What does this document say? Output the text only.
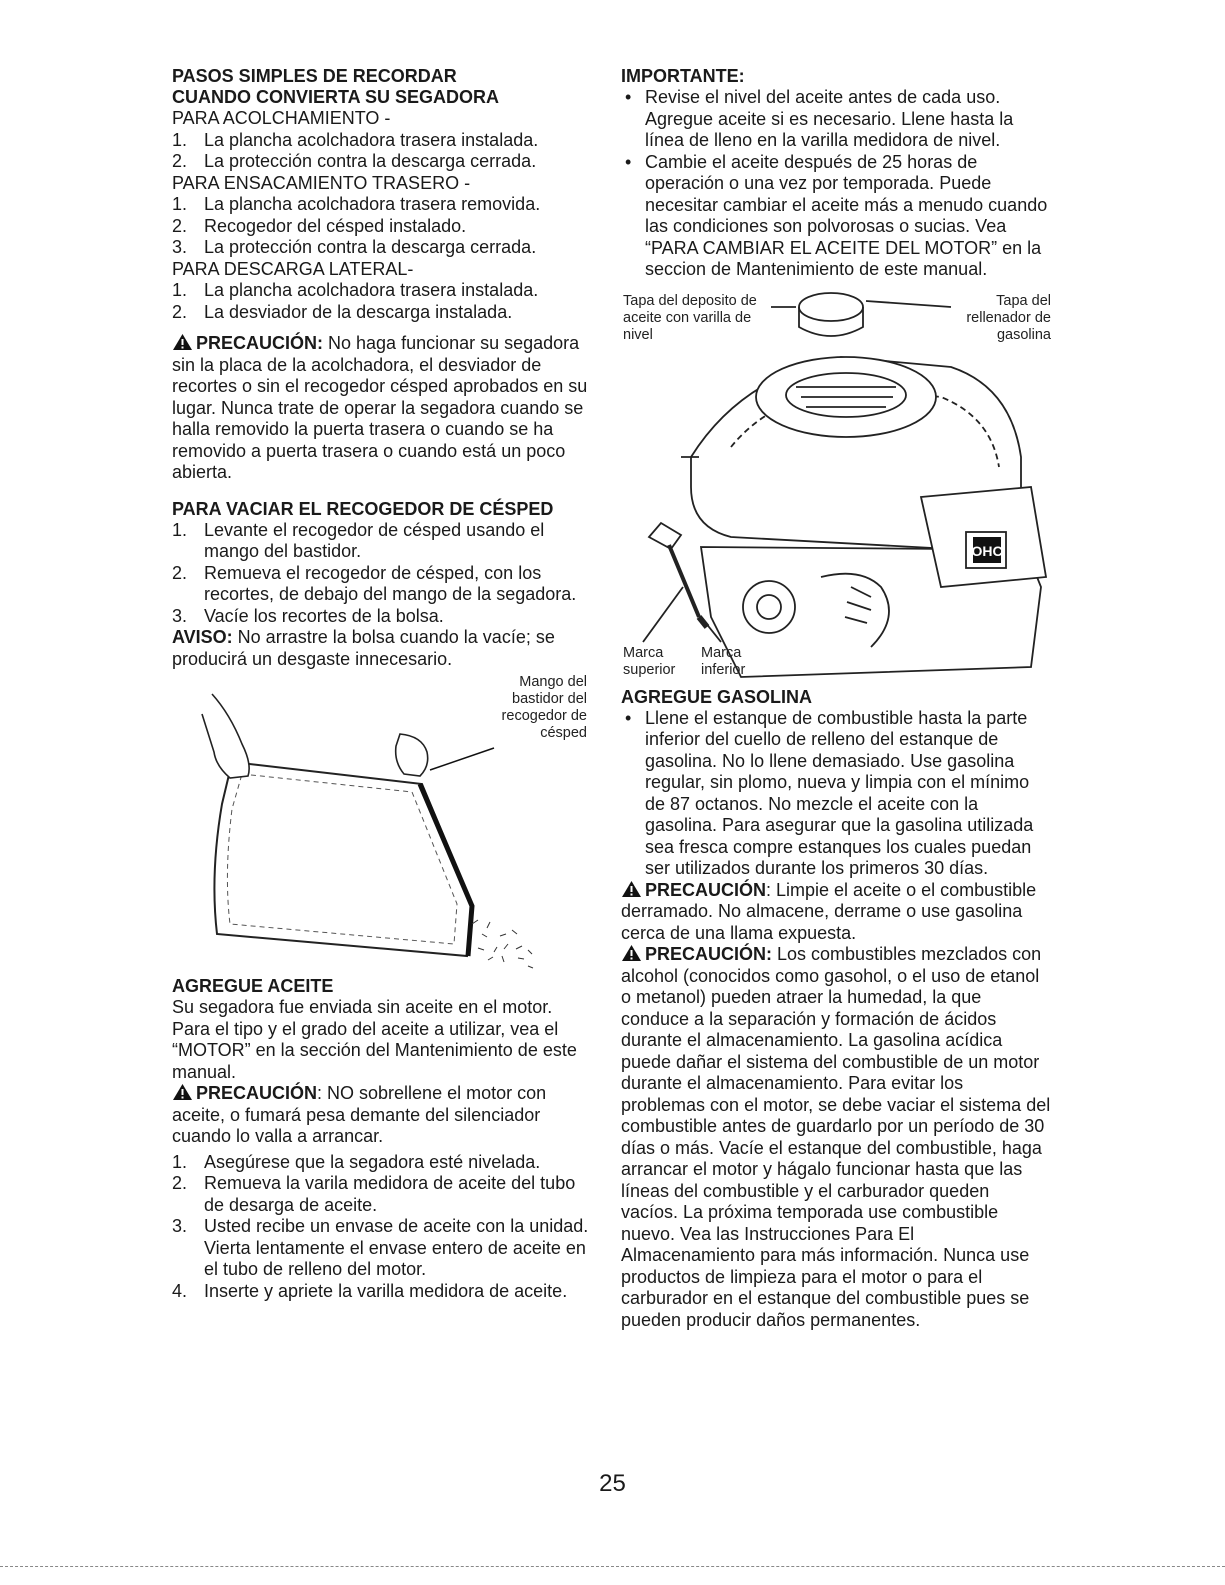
PASOS SIMPLES DE RECORDAR
CUANDO CONVIERTA SU SEGADORA

PARA ACOLCHAMIENTO -

1. La plancha acolchadora trasera instalada.
2. La protección contra la descarga cerrada.

PARA ENSACAMIENTO TRASERO -

1. La plancha acolchadora trasera removida.
2. Recogedor del césped instalado.
3. La protección contra la descarga cerrada.

PARA DESCARGA LATERAL-

1. La plancha acolchadora trasera instalada.
2. La desviador de la descarga instalada.

PRECAUCIÓN: No haga funcionar su segadora sin la placa de la acolchadora, el desviador de recortes o sin el recogedor césped aprobados en su lugar. Nunca trate de operar la segadora cuando se halla removido la puerta trasera o cuando se ha removido a puerta trasera o cuando está un poco abierta.

PARA VACIAR EL RECOGEDOR DE CÉSPED
1. Levante el recogedor de césped usando el mango del bastidor.
2. Remueva el recogedor de césped, con los recortes, de debajo del mango de la segadora.
3. Vacíe los recortes de la bolsa.

AVISO: No arrastre la bolsa cuando la vacíe; se producirá un desgaste innecesario.

Mango del bastidor del recogedor de césped
AGREGUE ACEITE

Su segadora fue enviada sin aceite en el motor. Para el tipo y el grado del aceite a utilizar, vea el “MOTOR” en la sección del Mantenimiento de este manual.

PRECAUCIÓN: NO sobrellene el motor con aceite, o fumará pesa demante del silenciador cuando lo valla a arrancar.

1. Asegúrese que la segadora esté nivelada.
2. Remueva la varila medidora de aceite del tubo de desarga de aceite.
3. Usted recibe un envase de aceite con la unidad. Vierta lentamente el envase entero de aceite en el tubo de relleno del motor.
4. Inserte y apriete la varilla medidora de aceite.
IMPORTANTE:
• Revise el nivel del aceite antes de cada uso. Agregue aceite si es necesario. Llene hasta la línea de lleno en la varilla medidora de nivel.
• Cambie el aceite después de 25 horas de operación o una vez por temporada. Puede necesitar cambiar el aceite más a menudo cuando las condiciones son polvorosas o sucias. Vea “PARA CAMBIAR EL ACEITE DEL MOTOR” en la seccion de Mantenimiento de este manual.
OHC
Tapa del deposito de aceite con varilla de nivel
Tapa del rellenador de gasolina
Marca superior
Marca inferior
AGREGUE GASOLINA
• Llene el estanque de combustible hasta la parte inferior del cuello de relleno del estanque de gasolina. No lo llene demasiado. Use gasolina regular, sin plomo, nueva y limpia con el mínimo de 87 octanos. No mezcle el aceite con la gasolina. Para asegurar que la gasolina utilizada sea fresca compre estanques los cuales puedan ser utilizados durante los primeros 30 días.

PRECAUCIÓN: Limpie el aceite o el combustible derramado. No almacene, derrame o use gasolina cerca de una llama expuesta.

PRECAUCIÓN: Los combustibles mezclados con alcohol (conocidos como gasohol, o el uso de etanol o metanol) pueden atraer la humedad, la que conduce a la separación y formación de ácidos durante el almacenamiento. La gasolina acídica puede dañar el sistema del combustible de un motor durante el almacenamiento. Para evitar los problemas con el motor, se debe vaciar el sistema del combustible antes de guardarlo por un período de 30 días o más. Vacíe el estanque del combustible, haga arrancar el motor y hágalo funcionar hasta que las líneas del combustible y el carburador queden vacíos. La próxima temporada use combustible nuevo. Vea las Instrucciones Para El Almacenamiento para más información. Nunca use productos de limpieza para el motor o para el carburador en el estanque del combustible pues se pueden producir daños permanentes.

25
